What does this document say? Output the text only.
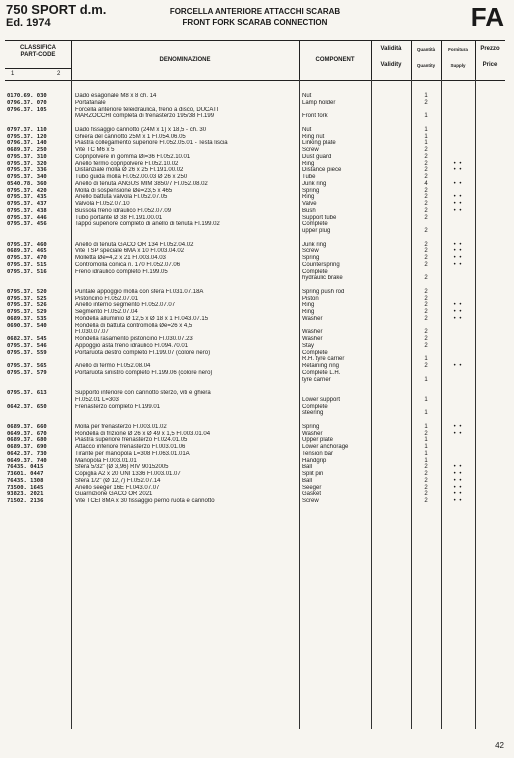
750 SPORT d.m.
Ed. 1974
FORCELLA ANTERIORE ATTACCHI SCARAB
FRONT FORK SCARAB CONNECTION	FA
CLASSIFICA
PART-CODE
1	2
DENOMINAZIONE	COMPONENT
Validità
Validity
Quantità
Quantity
Fornitura
Supply
Prezzo
Price
0170.69. 030	Dado esagonale M8 x 8 ch. 14	Nut	1
0796.37. 070	Portafanale	Lamp holder	2
0796.37. 105	Forcella anteriore teleidraulica, freno a disco, DUCATI
MARZOCCHI completa di frenasterzo 195/38 FI.199	Front fork	1
0797.37. 110	Dado fissaggio cannotto (24M x 1) x 18,5 - ch. 30	Nut	1
0795.37. 120	Ghiera del cannotto 25M x 1 FI.054.06.05	Ring nut	1
0796.37. 140	Piastra collegamento superiore FI.052.05.01 - Testa liscia	Linking plate	1
0689.37. 250	Vite TC M6 x 5	Screw	2
0795.37. 310	Copripolvere in gomma Øi=36 FI.052.10.01	Dust guard	2
0795.37. 320	Anello fermo copripolvere FI.052.10.02	Ring	2	• •
0795.37. 336	Distanziale molla Ø 26 x 25 FI.191.00.02	Distance piece	2	• •
0795.37. 340	Tubo guida molla FI.052.00.03 Ø 26 x 250	Tube	2
0540.78. 360	Anello di tenuta ANGUS MIM 3850/7 FI.052.08.02	Junk ring	4	• •
0795.37. 420	Molla di sospensione Øe=23,5 x 465	Spring	2
0795.37. 435	Anello battuta valvola FI.052.07.05	Ring	2	• •
0795.37. 437	Valvola FI.052.07.10	Valve	2	• •
0795.37. 438	Bussola freno idraulico FI.052.07.09	Bush	2	• •
0795.37. 446	Tubo portante Ø 38 FI.191.00.01	Support tube	2
0795.37. 456	Tappo superiore completo di anello di tenuta FI.199.02	Complete
upper plug	2
0795.37. 460	Anello di tenuta GACO OR 134 FI.052.04.02	Junk ring	2	• •
0689.37. 465	Vite TSP speciale 6MA x 10 FI.003.04.02	Screw	2	• •
0795.37. 470	Molletta Øe=4,2 x 21 FI.003.04.03	Spring	2	• •
0795.37. 515	Contromolla conica n. 170 FI.052.07.06	Counterspring	2	• •
0795.37. 516	Freno idraulico completo FI.199.05	Complete
hydraulic brake	2
0795.37. 520	Puntale appoggio molla con sfera FI.031.07.18A	Spring push rod	2
0795.37. 525	Pistoncino FI.052.07.01	Piston	2
0795.37. 526	Anello interno segmento FI.052.07.07	Ring	2	• •
0795.37. 529	Segmento FI.052.07.04	Ring	2	• •
0689.37. 535	Rondella alluminio Ø 12,5 x Ø 18 x 1 FI.043.07.15	Washer	2	• •
0690.37. 540	Rondella di battuta contromolla Øe=26 x 4,5
FI.030.07.07	Washer	2
0682.37. 545	Rondella rasamento pistoncino FI.030.07.23	Washer	2
0795.37. 546	Appoggio asta freno idraulico FI.094.70.01	Stay	2
0795.37. 559	Portaruota destro completo FI.199.07 (colore nero)	Complete
R.H. tyre carrier	1
0795.37. 565	Anello di fermo FI.052.08.04	Retaining ring	2	• •
0795.37. 579	Portaruota sinistro completo FI.199.06 (colore nero)	Complete L.H.
tyre carrier	1
0795.37. 613	Supporto inferiore con cannotto sterzo, viti e ghiera
FI.052.01 L=303	Lower support	1
0642.37. 650	Frenasterzo completo FI.199.01	Complete
steering	1
0689.37. 660	Molla per frenasterzo FI.003.01.02	Spring	1	• •
0649.37. 670	Rondella di frizione Ø 26 x Ø 49 x 1,5 FI.003.01.04	Washer	2	• •
0689.37. 680	Piastra superiore frenasterzo FI.024.01.05	Upper plate	1
0689.37. 690	Attacco inferiore frenasterzo FI.003.01.06	Lower anchorage	1
0642.37. 730	Tirante per manopola L=308 FI.063.01.01A	Tension bar	1
0649.37. 740	Manopola FI.003.01.01	Handgrip	1
76435. 0415	Sfera 5/32" (Ø 3,96) RIV 90152005	Ball	2	• •
73601. 0447	Copiglia A2 x 20 UNI 1336 FI.003.01.07	Split pin	2	• •
76435. 1308	Sfera 1/2" (Ø 12,7) FI.052.07.14	Ball	2	• •
73500. 1645	Anello seeger 16E FI.043.07.07	Seeger	2	• •
93823. 2021	Guarnizione GACO OR 2021	Gasket	2	• •
71502. 2136	Vite TCEI 8MA x 30 fissaggio perno ruota e cannotto	Screw	2	• •
42
